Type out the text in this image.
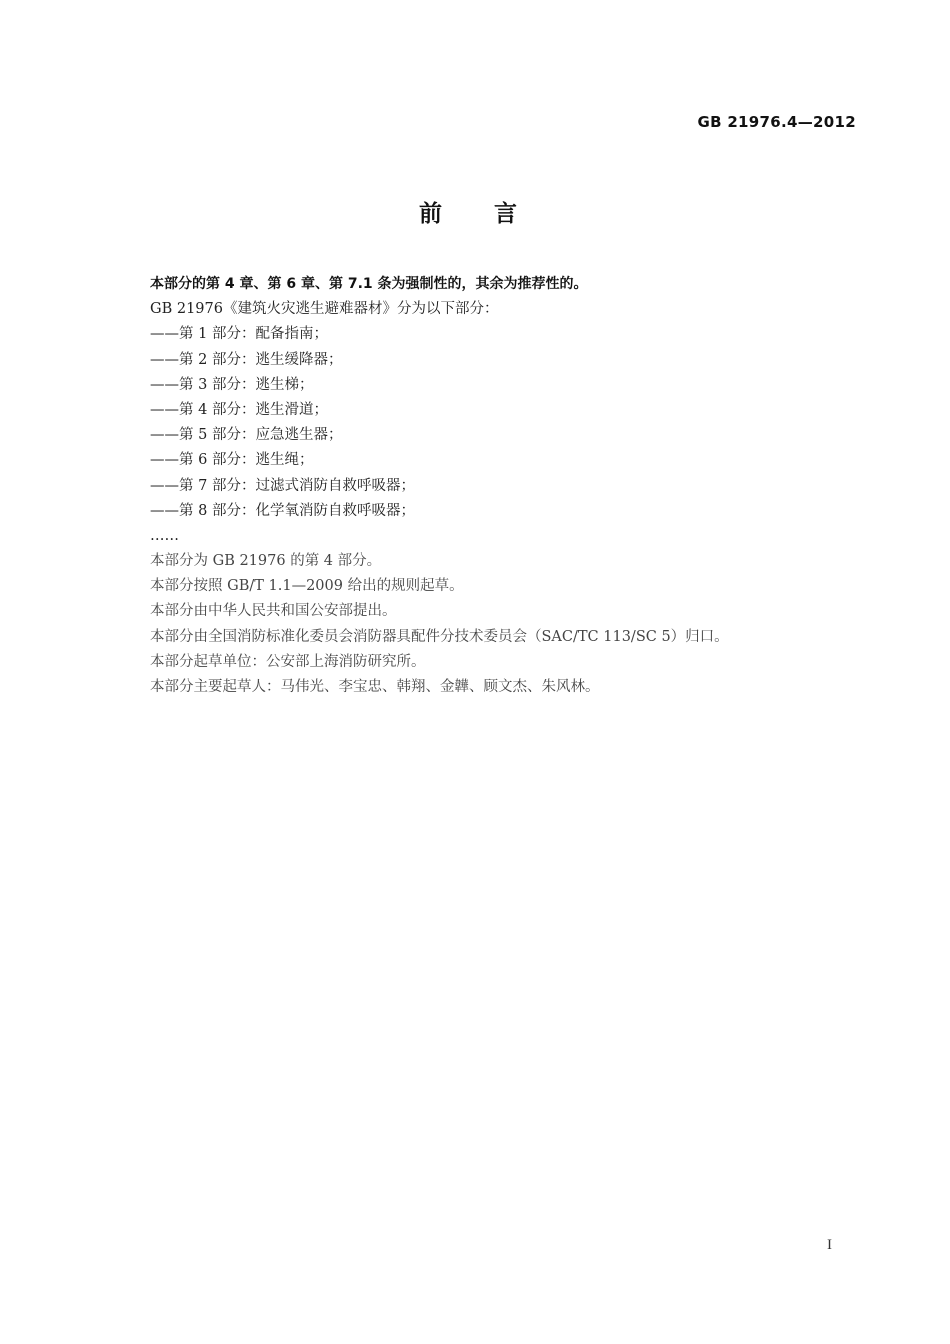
GB 21976.4—2012
前言
本部分的第 4 章、第 6 章、第 7.1 条为强制性的，其余为推荐性的。
GB 21976《建筑火灾逃生避难器材》分为以下部分：
——第 1 部分：配备指南；
——第 2 部分：逃生缓降器；
——第 3 部分：逃生梯；
——第 4 部分：逃生滑道；
——第 5 部分：应急逃生器；
——第 6 部分：逃生绳；
——第 7 部分：过滤式消防自救呼吸器；
——第 8 部分：化学氧消防自救呼吸器；
……
本部分为 GB 21976 的第 4 部分。
本部分按照 GB/T 1.1—2009 给出的规则起草。
本部分由中华人民共和国公安部提出。
本部分由全国消防标准化委员会消防器具配件分技术委员会（SAC/TC 113/SC 5）归口。
本部分起草单位：公安部上海消防研究所。
本部分主要起草人：马伟光、李宝忠、韩翔、金韡、顾文杰、朱风林。
I
